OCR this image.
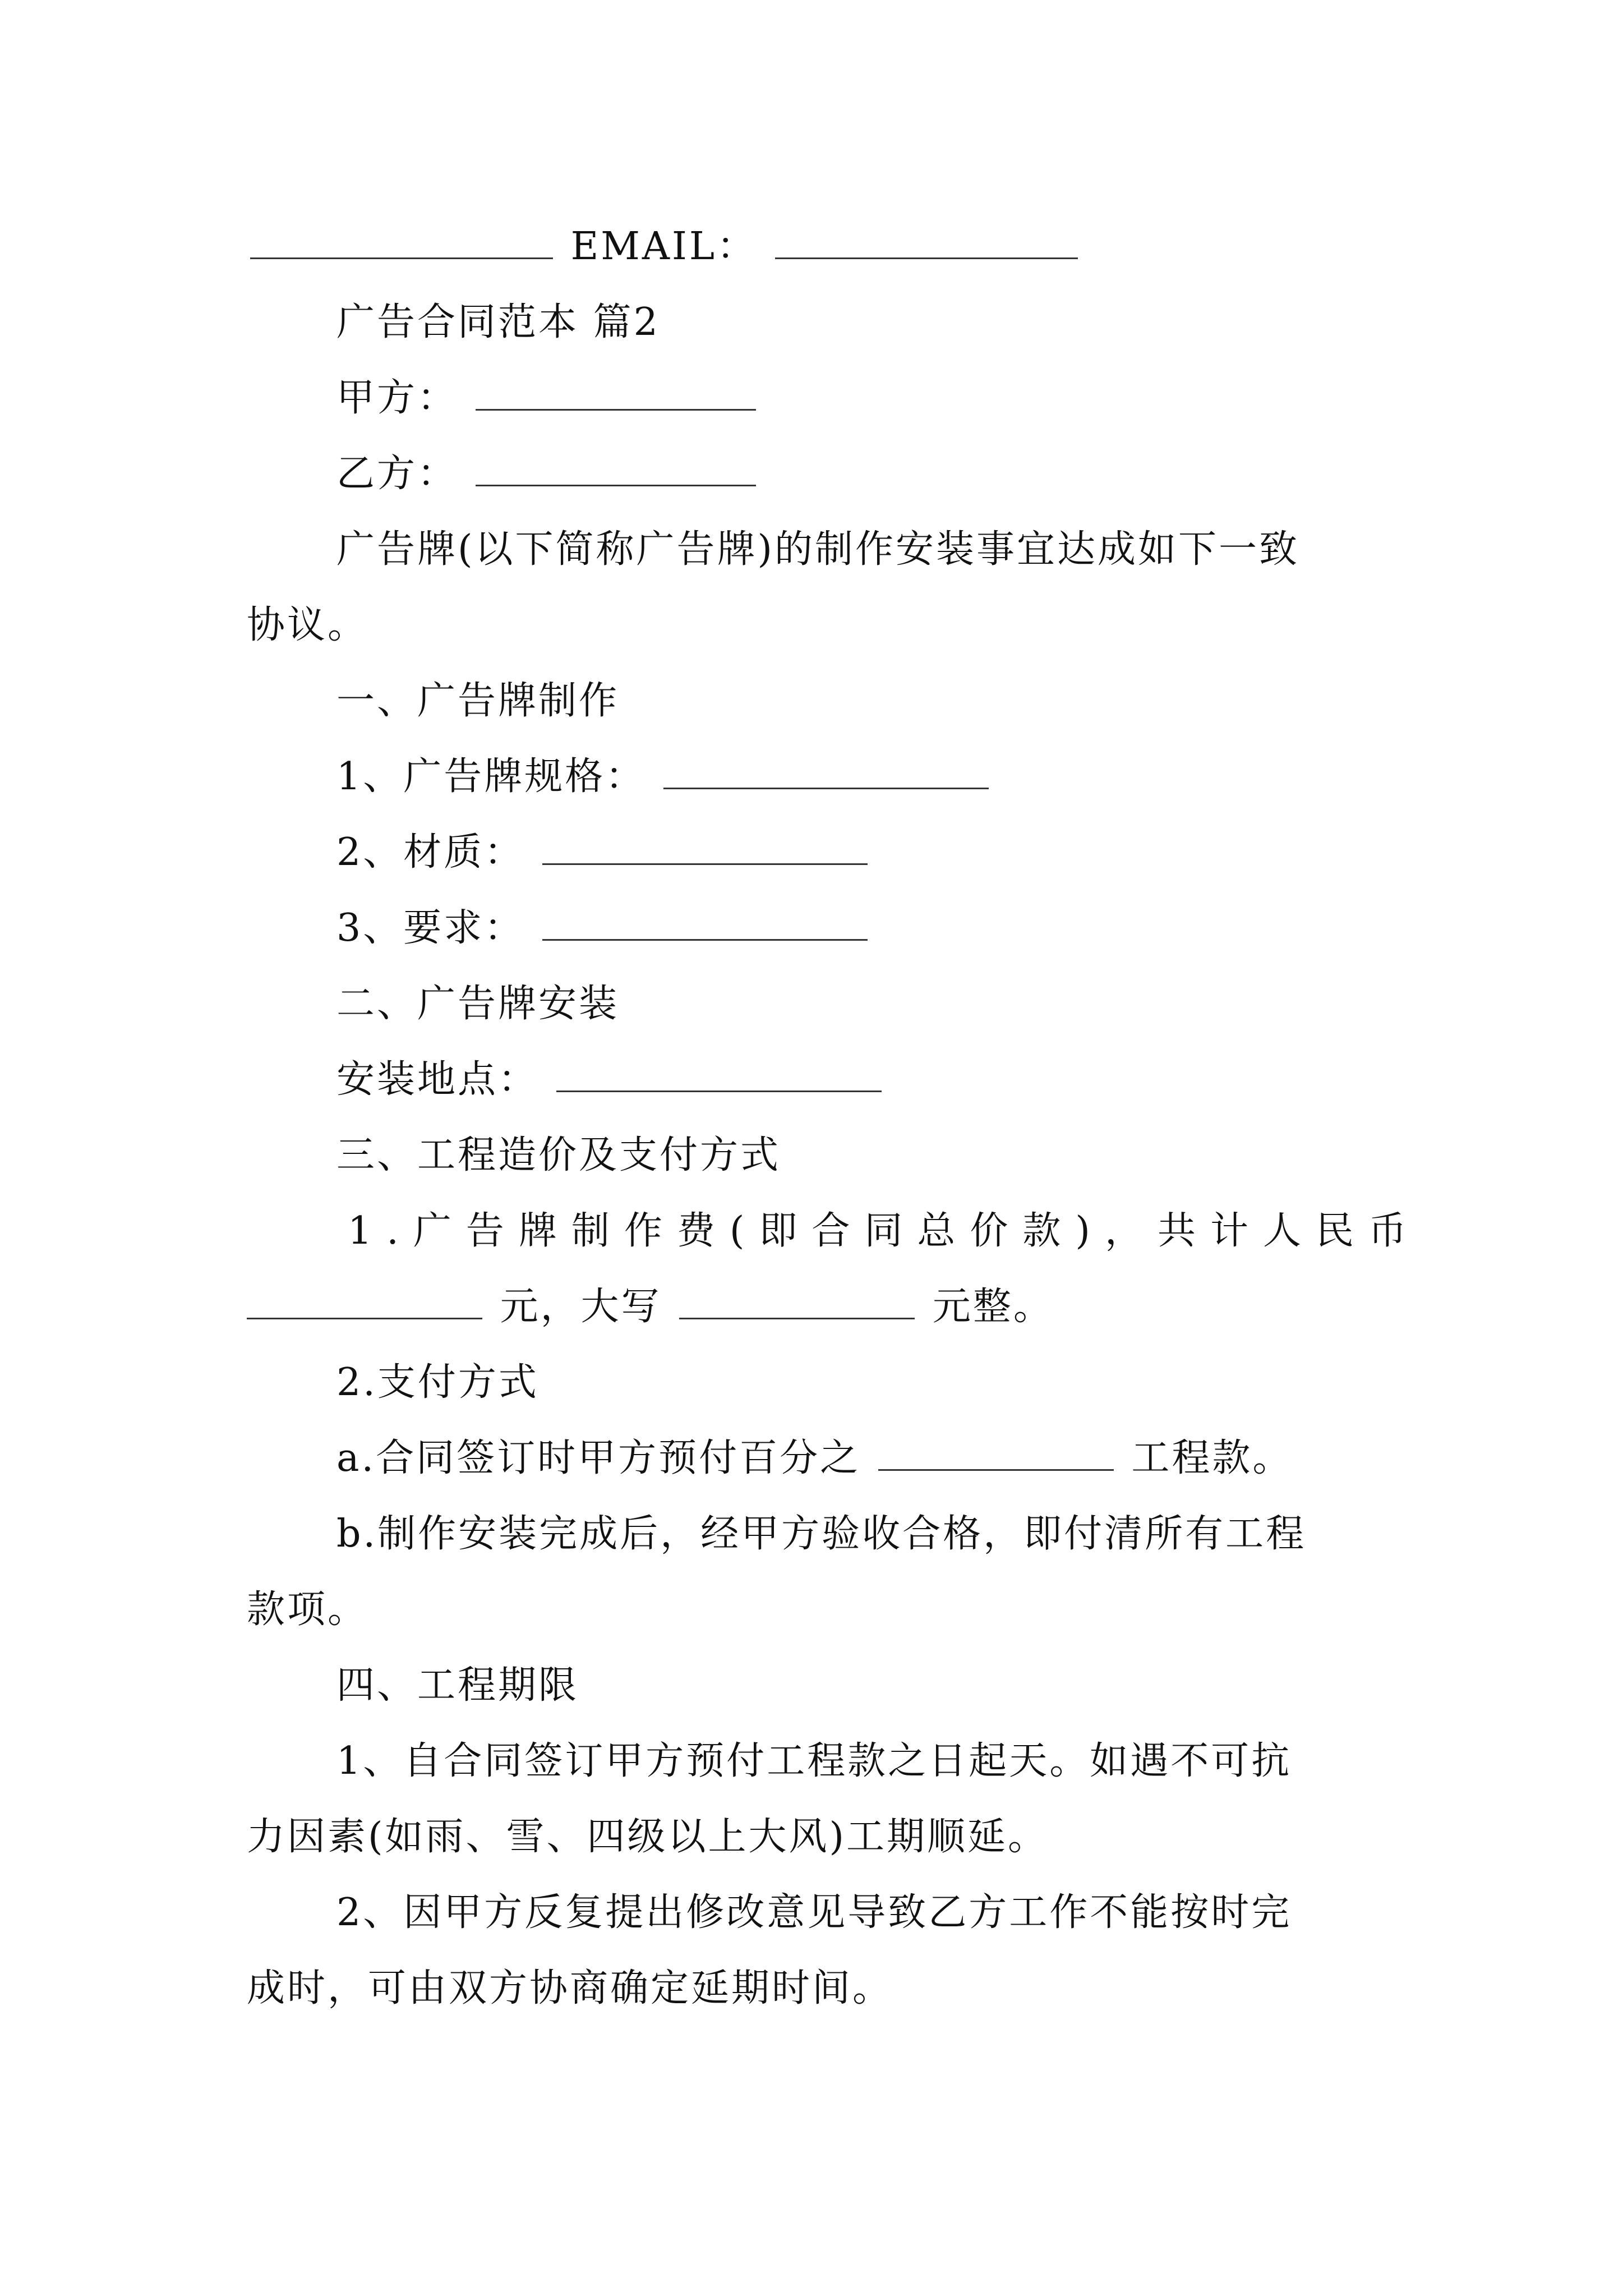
EMAIL：
广告合同范本 篇2
甲方：
乙方：
广告牌(以下简称广告牌)的制作安装事宜达成如下一致
协议。
一、广告牌制作
1、广告牌规格：
2、材质：
3、要求：
二、广告牌安装
安装地点：
三、工程造价及支付方式
1.广告牌制作费(即合同总价款)，共计人民币
元，大写	元整。
2.支付方式
a.合同签订时甲方预付百分之	工程款。
b.制作安装完成后，经甲方验收合格，即付清所有工程
款项。
四、工程期限
1、自合同签订甲方预付工程款之日起天。如遇不可抗
力因素(如雨、雪、四级以上大风)工期顺延。
2、因甲方反复提出修改意见导致乙方工作不能按时完
成时，可由双方协商确定延期时间。
